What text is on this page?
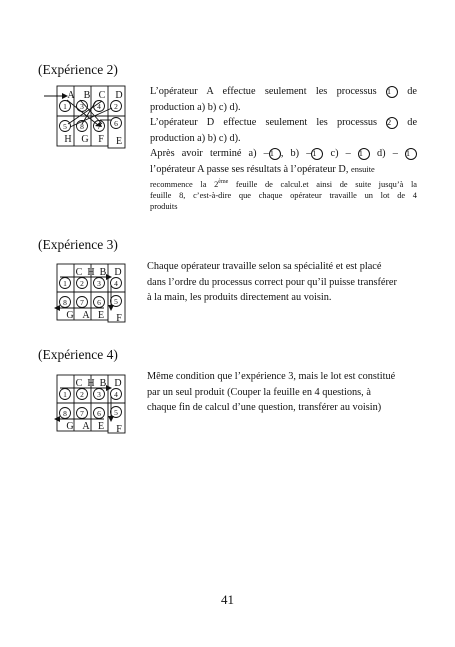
(Expérience 2)
A B C D
H G F E
1 3 4 2
6
5 8 7

L’opérateur A effectue seulement les processus 1 de

production a) b) c) d).

L’opérateur D effectue seulement les processus 2 de

production a) b) c) d).

Après avoir terminé a) –1 , b) –1 c) – 1 d) – 1

l’opérateur A passe ses résultats à l’opérateur D, ensuite

recommence la 2ème feuille de calcul.et ainsi de suite jusqu’à la

feuille 8, c’est-à-dire que chaque opérateur travaille un lot de 4

produits

(Expérience 3)
C H B D
G A E F
1 2 3 4
5
8 7 6

Chaque opérateur travaille selon sa spécialité et est placé

dans l’ordre du processus correct pour qu’il puisse transférer

à la main, les produits directement au voisin.

(Expérience 4)
C H B D
G A E F
1 2 3 4
5
8 7 6

Même condition que l’expérience 3, mais le lot est constitué

par un seul produit (Couper la feuille en 4 questions, à

chaque fin de calcul d’une question, transférer au voisin)

41
